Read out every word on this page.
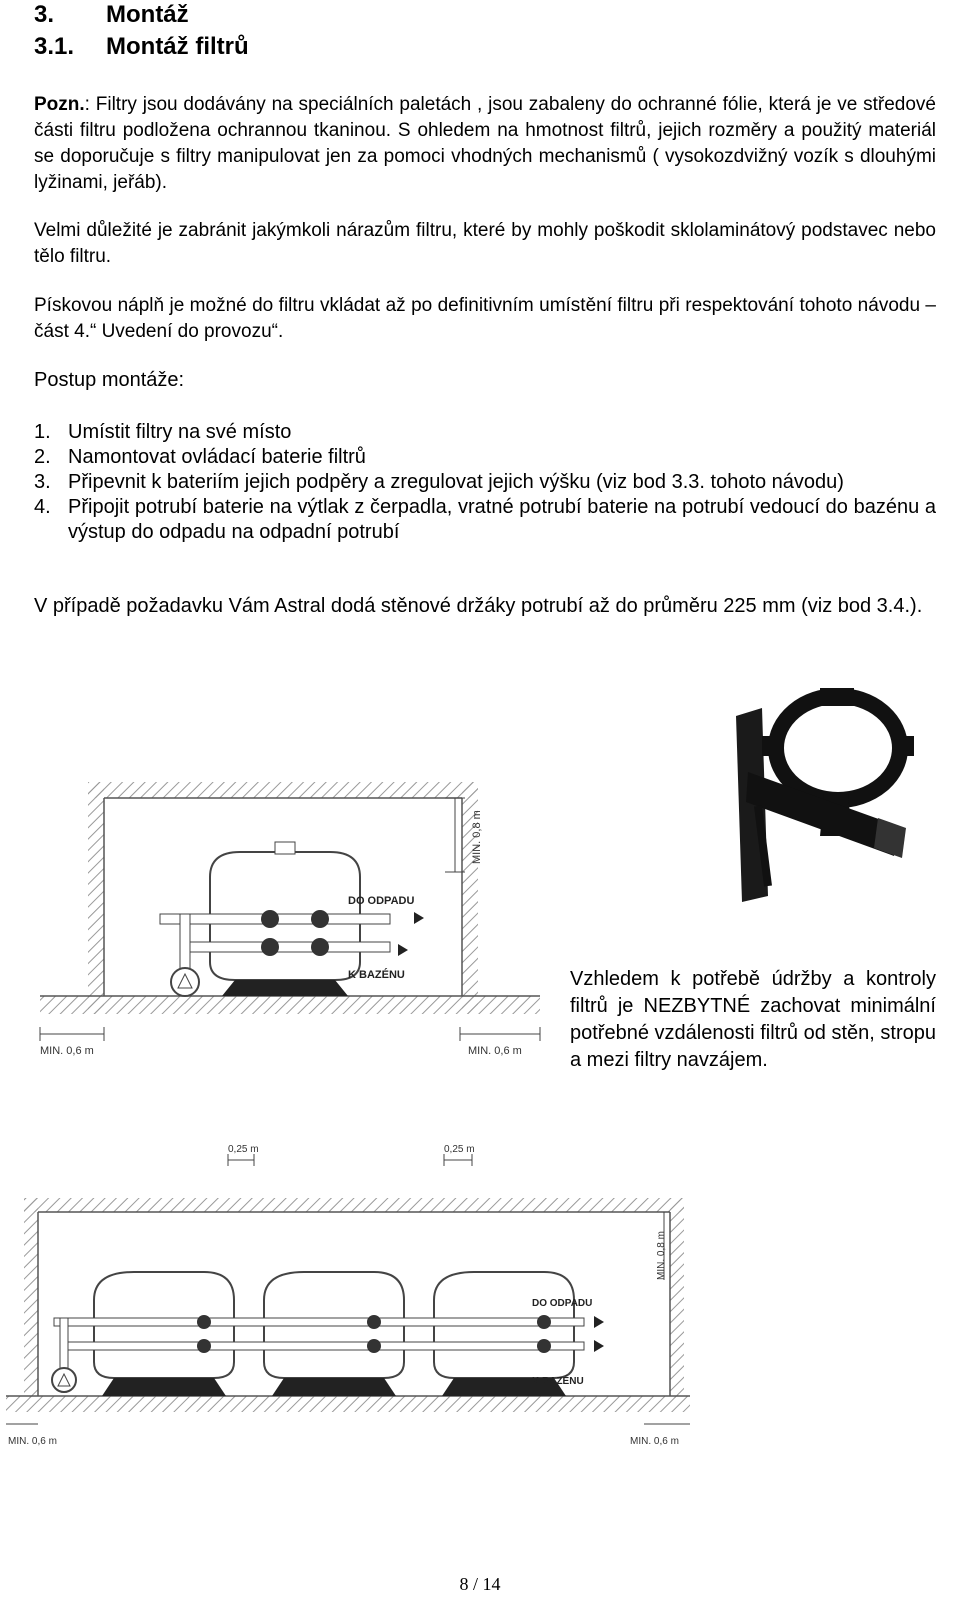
3. Montáž
3.1. Montáž filtrů
Pozn.: Filtry jsou dodávány na speciálních paletách , jsou zabaleny do ochranné fólie, která je ve středové části filtru podložena ochrannou tkaninou. S ohledem na hmotnost filtrů, jejich rozměry a použitý materiál se doporučuje s filtry manipulovat jen za pomoci vhodných mechanismů ( vysokozdvižný vozík s dlouhými lyžinami, jeřáb).
Velmi důležité je zabránit jakýmkoli nárazům filtru, které by mohly poškodit sklolaminátový podstavec nebo tělo filtru.
Pískovou náplň je možné do filtru vkládat až po definitivním umístění filtru při respektování tohoto návodu – část 4.“ Uvedení do provozu“.
Postup montáže:
1. Umístit filtry na své místo
2. Namontovat ovládací baterie filtrů
3. Připevnit k bateriím jejich podpěry a zregulovat jejich výšku (viz bod 3.3. tohoto návodu)
4. Připojit potrubí baterie na výtlak z čerpadla, vratné potrubí baterie na potrubí vedoucí do bazénu a výstup do odpadu na odpadní potrubí
V případě požadavku Vám Astral dodá stěnové držáky potrubí až do průměru 225 mm (viz bod 3.4.).
MIN. 0,8 m
DO ODPADU
K BAZÉNU
MIN. 0,6 m	MIN. 0,6 m
Vzhledem k potřebě údržby a kontroly filtrů je NEZBYTNÉ zachovat minimální potřebné vzdálenosti filtrů od stěn, stropu a mezi filtry navzájem.
0,25 m	0,25 m
MIN. 0,8 m
DO ODPADU
K BAZÉNU
MIN. 0,6 m	MIN. 0,6 m
8 / 14
